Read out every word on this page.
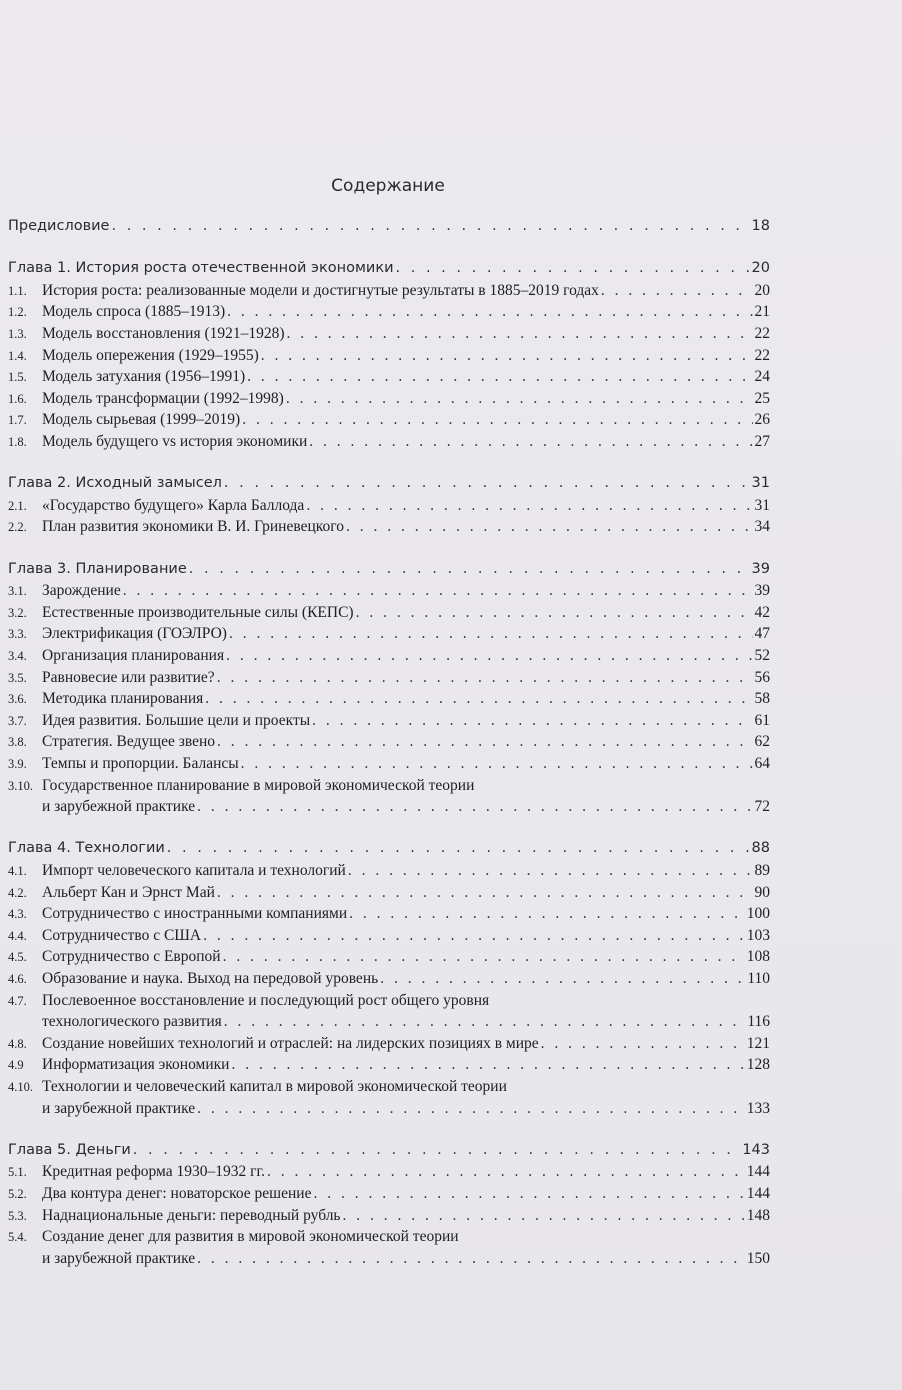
Содержание
Предисловие . . .	18
Глава 1. История роста отечественной экономики . . .	20
1.1. История роста: реализованные модели и достигнутые результаты в 1885–2019 годах . . .	20
1.2. Модель спроса (1885–1913) . . .	21
1.3. Модель восстановления (1921–1928) . . .	22
1.4. Модель опережения (1929–1955) . . .	22
1.5. Модель затухания (1956–1991) . . .	24
1.6. Модель трансформации (1992–1998) . . .	25
1.7. Модель сырьевая (1999–2019) . . .	26
1.8. Модель будущего vs история экономики . . .	27
Глава 2. Исходный замысел . . .	31
2.1. «Государство будущего» Карла Баллода . . .	31
2.2. План развития экономики В. И. Гриневецкого . . .	34
Глава 3. Планирование . . .	39
3.1. Зарождение . . .	39
3.2. Естественные производительные силы (КЕПС) . . .	42
3.3. Электрификация (ГОЭЛРО) . . .	47
3.4. Организация планирования . . .	52
3.5. Равновесие или развитие? . . .	56
3.6. Методика планирования . . .	58
3.7. Идея развития. Большие цели и проекты . . .	61
3.8. Стратегия. Ведущее звено . . .	62
3.9. Темпы и пропорции. Балансы . . .	64
3.10. Государственное планирование в мировой экономической теории
и зарубежной практике . . .	72
Глава 4. Технологии . . .	88
4.1. Импорт человеческого капитала и технологий . . .	89
4.2. Альберт Кан и Эрнст Май . . .	90
4.3. Сотрудничество с иностранными компаниями . . .	100
4.4. Сотрудничество с США . . .	103
4.5. Сотрудничество с Европой . . .	108
4.6. Образование и наука. Выход на передовой уровень . . .	110
4.7. Послевоенное восстановление и последующий рост общего уровня
технологического развития . . .	116
4.8. Создание новейших технологий и отраслей: на лидерских позициях в мире . . .	121
4.9	Информатизация экономики . . .	128
4.10. Технологии и человеческий капитал в мировой экономической теории
и зарубежной практике . . .	133
Глава 5. Деньги . . .	143
5.1. Кредитная реформа 1930–1932 гг. . . .	144
5.2. Два контура денег: новаторское решение . . .	144
5.3. Наднациональные деньги: переводный рубль . . .	148
5.4. Создание денег для развития в мировой экономической теории
и зарубежной практике . . .	150
